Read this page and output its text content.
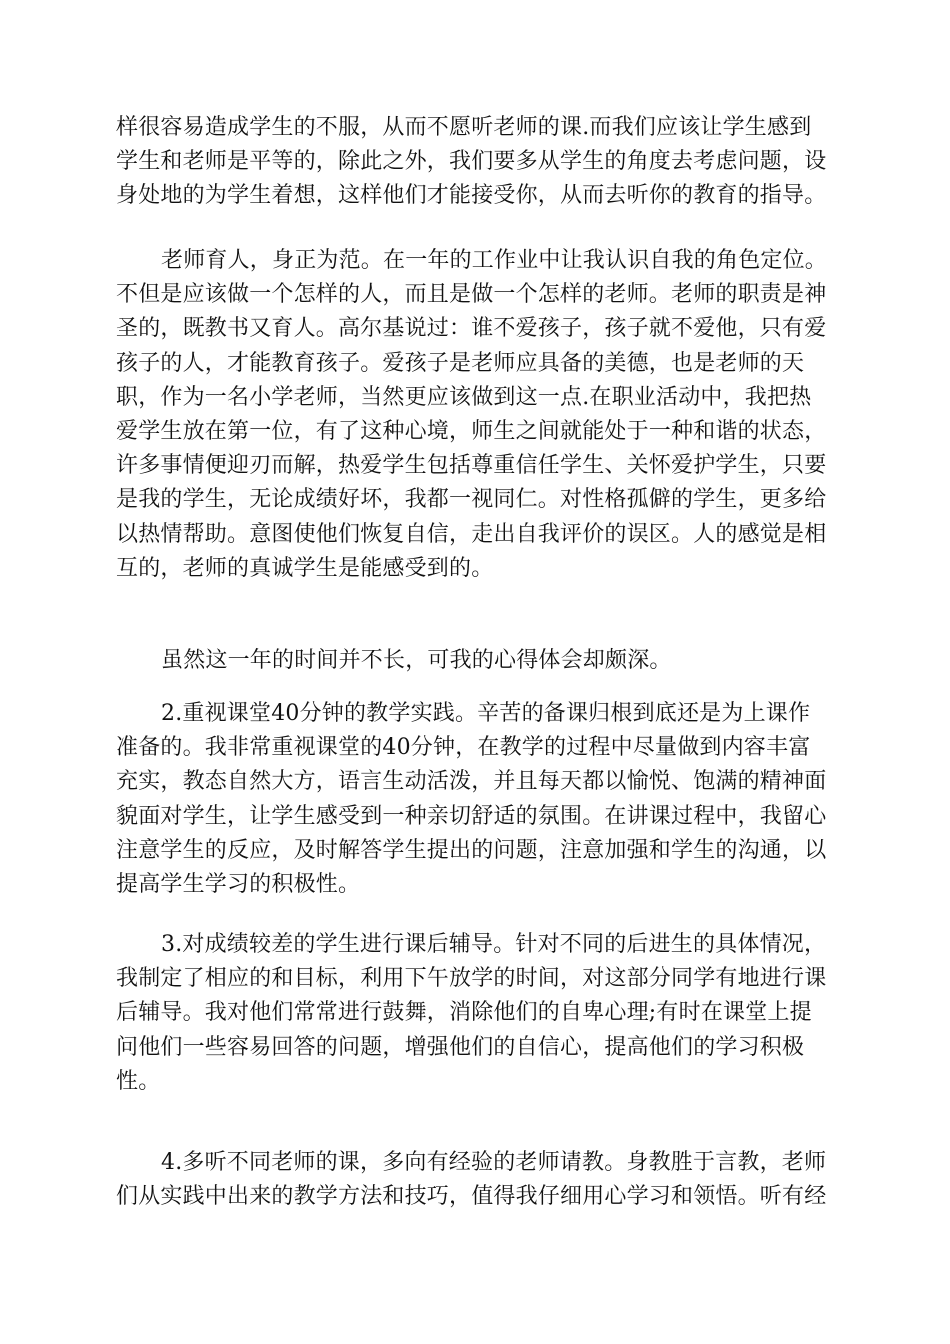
样很容易造成学生的不服，从而不愿听老师的课.而我们应该让学生感到
学生和老师是平等的，除此之外，我们要多从学生的角度去考虑问题，设
身处地的为学生着想，这样他们才能接受你，从而去听你的教育的指导。
老师育人，身正为范。在一年的工作业中让我认识自我的角色定位。
不但是应该做一个怎样的人，而且是做一个怎样的老师。老师的职责是神
圣的，既教书又育人。高尔基说过：谁不爱孩子，孩子就不爱他，只有爱
孩子的人，才能教育孩子。爱孩子是老师应具备的美德，也是老师的天
职，作为一名小学老师，当然更应该做到这一点.在职业活动中，我把热
爱学生放在第一位，有了这种心境，师生之间就能处于一种和谐的状态，
许多事情便迎刃而解，热爱学生包括尊重信任学生、关怀爱护学生，只要
是我的学生，无论成绩好坏，我都一视同仁。对性格孤僻的学生，更多给
以热情帮助。意图使他们恢复自信，走出自我评价的误区。人的感觉是相
互的，老师的真诚学生是能感受到的。
虽然这一年的时间并不长，可我的心得体会却颇深。
2.重视课堂40分钟的教学实践。辛苦的备课归根到底还是为上课作
准备的。我非常重视课堂的40分钟，在教学的过程中尽量做到内容丰富
充实，教态自然大方，语言生动活泼，并且每天都以愉悦、饱满的精神面
貌面对学生，让学生感受到一种亲切舒适的氛围。在讲课过程中，我留心
注意学生的反应，及时解答学生提出的问题，注意加强和学生的沟通，以
提高学生学习的积极性。
3.对成绩较差的学生进行课后辅导。针对不同的后进生的具体情况，
我制定了相应的和目标，利用下午放学的时间，对这部分同学有地进行课
后辅导。我对他们常常进行鼓舞，消除他们的自卑心理;有时在课堂上提
问他们一些容易回答的问题，增强他们的自信心，提高他们的学习积极
性。
4.多听不同老师的课，多向有经验的老师请教。身教胜于言教，老师
们从实践中出来的教学方法和技巧，值得我仔细用心学习和领悟。听有经
